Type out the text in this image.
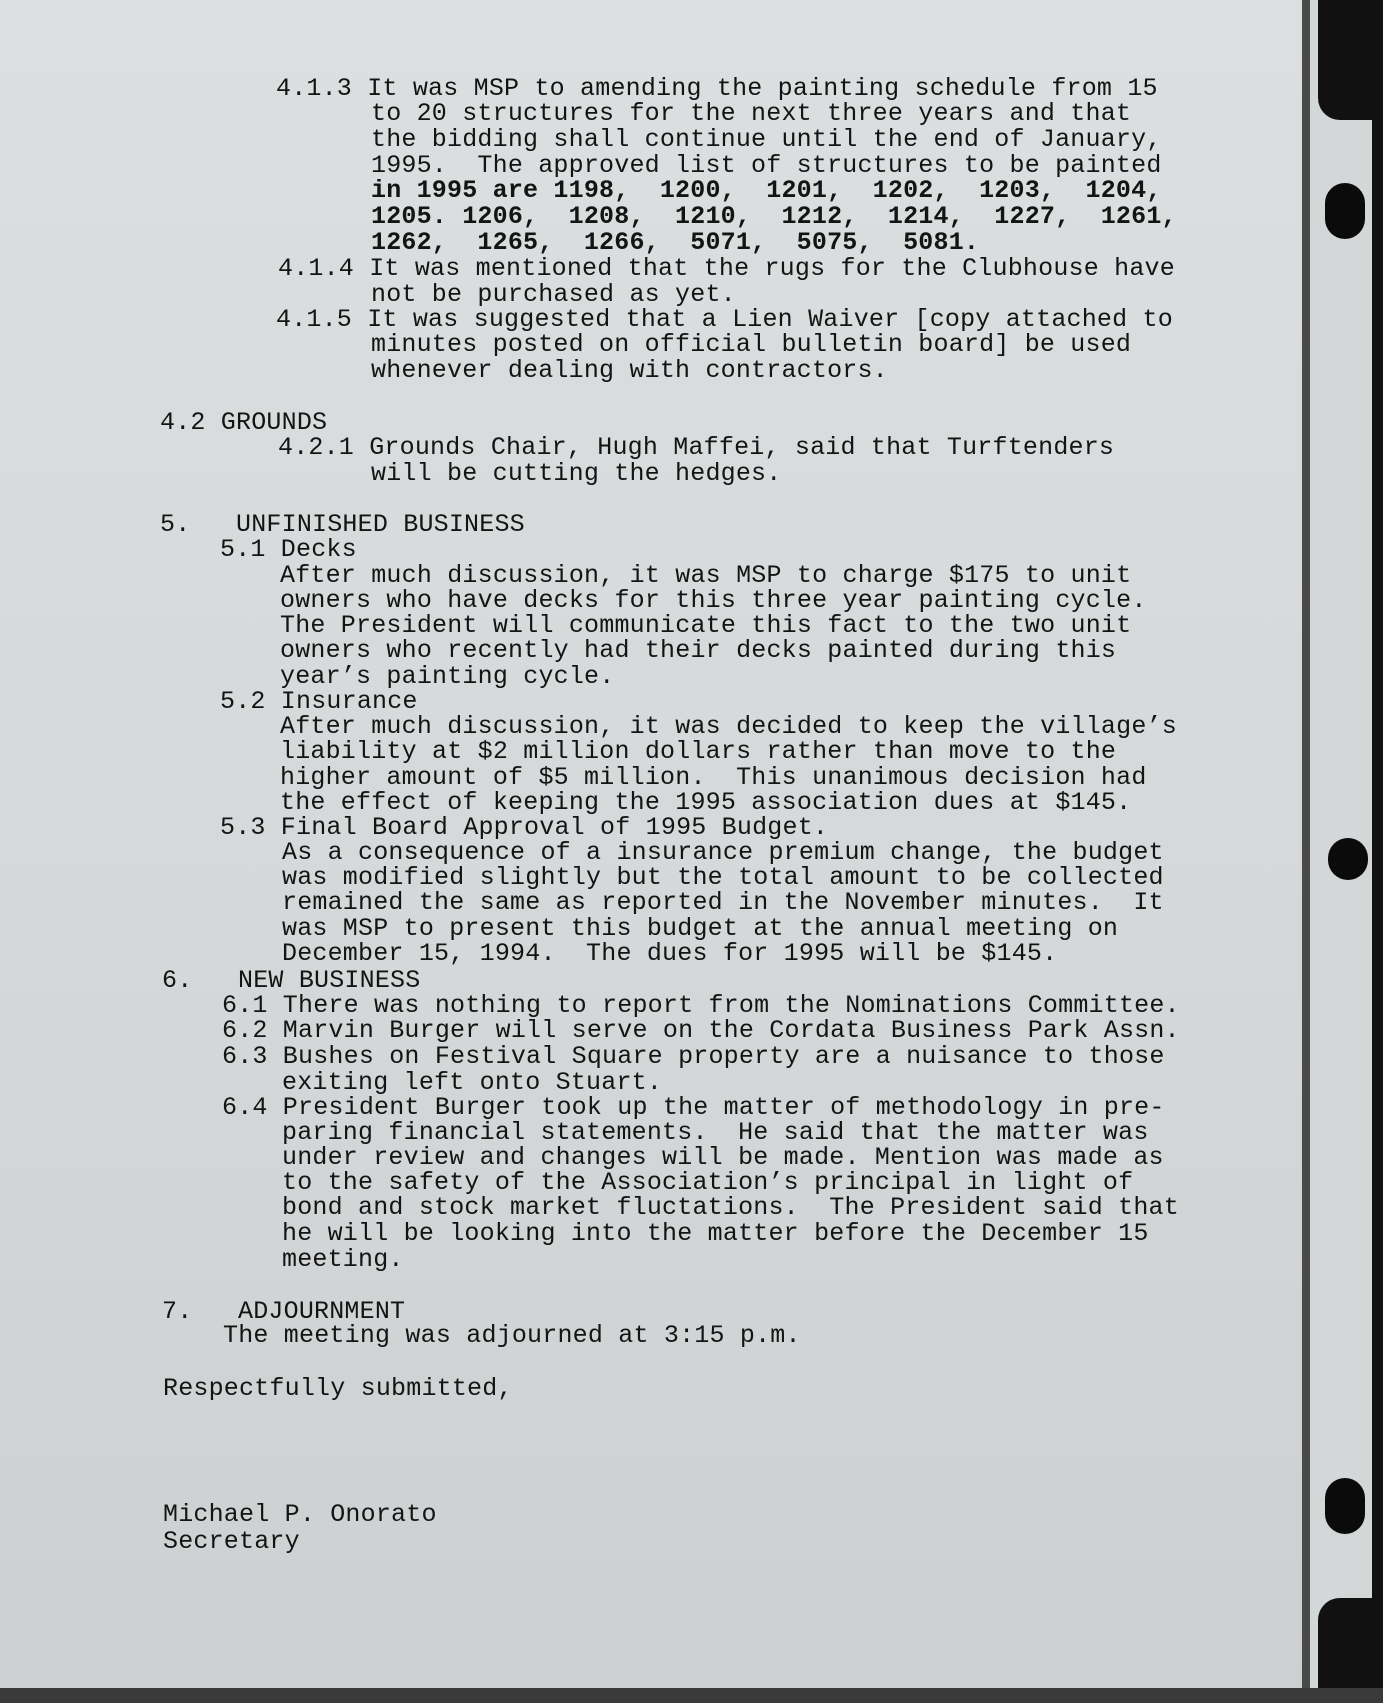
4.1.3 It was MSP to amending the painting schedule from 15
to 20 structures for the next three years and that
the bidding shall continue until the end of January,
1995.  The approved list of structures to be painted
in 1995 are 1198,  1200,  1201,  1202,  1203,  1204,
1205. 1206,  1208,  1210,  1212,  1214,  1227,  1261,
1262,  1265,  1266,  5071,  5075,  5081.
4.1.4 It was mentioned that the rugs for the Clubhouse have
not be purchased as yet.
4.1.5 It was suggested that a Lien Waiver [copy attached to
minutes posted on official bulletin board] be used
whenever dealing with contractors.
4.2 GROUNDS
4.2.1 Grounds Chair, Hugh Maffei, said that Turftenders
will be cutting the hedges.
5.   UNFINISHED BUSINESS
5.1 Decks
After much discussion, it was MSP to charge $175 to unit
owners who have decks for this three year painting cycle.
The President will communicate this fact to the two unit
owners who recently had their decks painted during this
year’s painting cycle.
5.2 Insurance
After much discussion, it was decided to keep the village’s
liability at $2 million dollars rather than move to the
higher amount of $5 million.  This unanimous decision had
the effect of keeping the 1995 association dues at $145.
5.3 Final Board Approval of 1995 Budget.
As a consequence of a insurance premium change, the budget
was modified slightly but the total amount to be collected
remained the same as reported in the November minutes.  It
was MSP to present this budget at the annual meeting on
December 15, 1994.  The dues for 1995 will be $145.
6.   NEW BUSINESS
6.1 There was nothing to report from the Nominations Committee.
6.2 Marvin Burger will serve on the Cordata Business Park Assn.
6.3 Bushes on Festival Square property are a nuisance to those
exiting left onto Stuart.
6.4 President Burger took up the matter of methodology in pre-
paring financial statements.  He said that the matter was
under review and changes will be made. Mention was made as
to the safety of the Association’s principal in light of
bond and stock market fluctations.  The President said that
he will be looking into the matter before the December 15
meeting.
7.   ADJOURNMENT
The meeting was adjourned at 3:15 p.m.
Respectfully submitted,
Michael P. Onorato
Secretary
